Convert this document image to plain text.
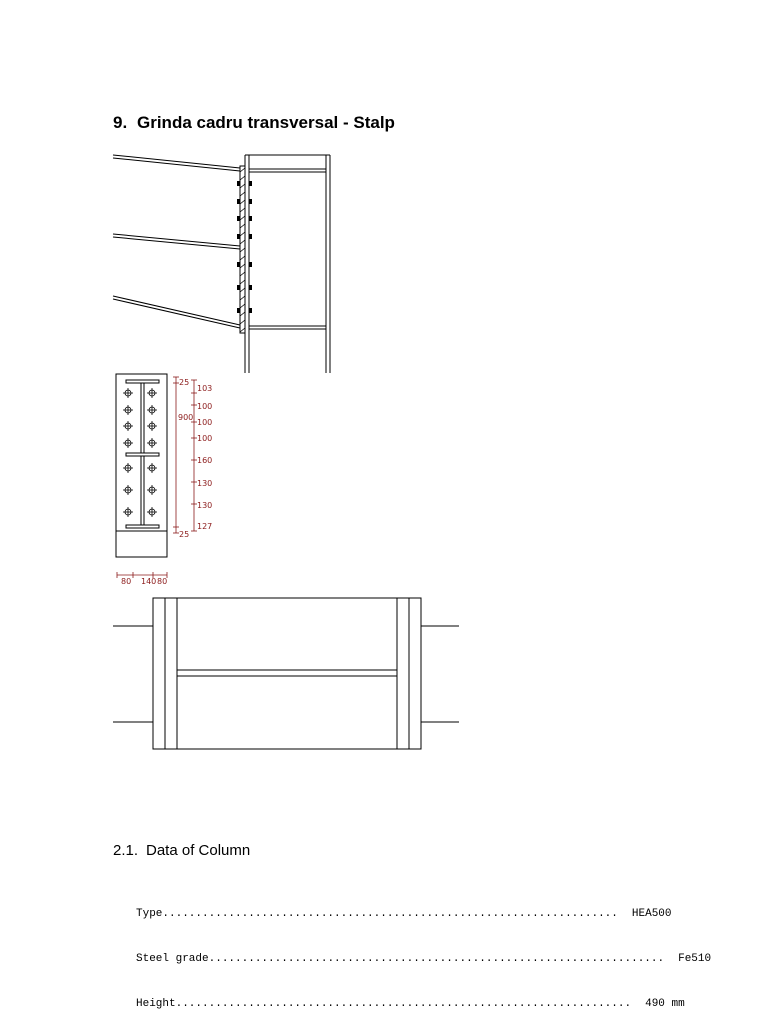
9. Grinda cadru transversal - Stalp
25
900
25
103
100
100
100
160
130
130
127
80 140 80
2.1. Data of Column

Type.....................................................................	HEA500

Steel grade.....................................................................	Fe510

Height.....................................................................	490 mm
